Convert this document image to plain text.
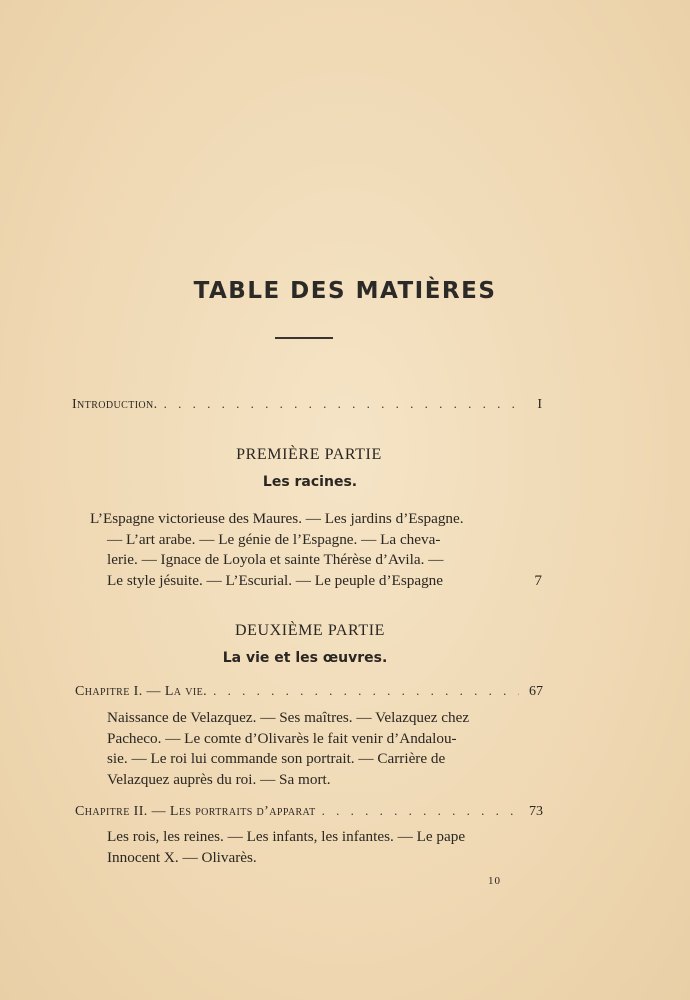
TABLE DES MATIÈRES
Introduction. . . .	I
PREMIÈRE PARTIE
Les racines.
L’Espagne victorieuse des Maures. — Les jardins d’Espagne.
— L’art arabe. — Le génie de l’Espagne. — La cheva-
lerie. — Ignace de Loyola et sainte Thérèse d’Avila. —
Le style jésuite. — L’Escurial. — Le peuple d’Espagne	7
DEUXIÈME PARTIE
La vie et les œuvres.
Chapitre I. — La vie. . . .	67
Naissance de Velazquez. — Ses maîtres. — Velazquez chez
Pacheco. — Le comte d’Olivarès le fait venir d’Andalou-
sie. — Le roi lui commande son portrait. — Carrière de
Velazquez auprès du roi. — Sa mort.
Chapitre II. — Les portraits d’apparat . . .	73
Les rois, les reines. — Les infants, les infantes. — Le pape
Innocent X. — Olivarès.
10
